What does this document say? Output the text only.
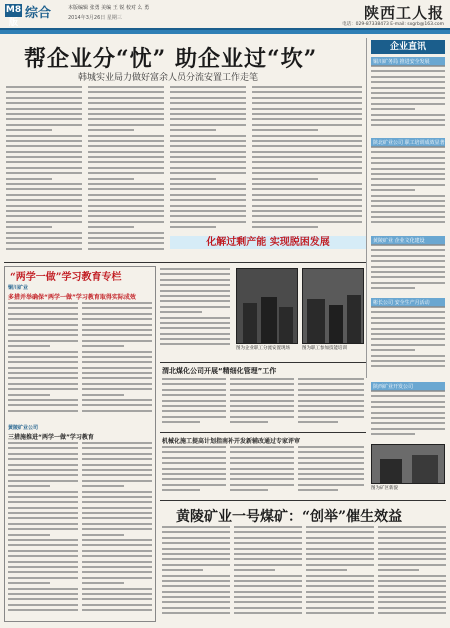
M8版
综合	本版编辑 张勇 美编 王 锐 校对 么 勇
2014年3月26日 星期三	陕西工人报
电话：029-87338473 E-mail: sxgrb@163.com
帮企业分“忧” 助企业过“坎”
韩城实业局力做好富余人员分流安置工作走笔
化解过剩产能 实现脱困发展
企业直讯
铜川矿务局 推进安全发展
陕北矿业公司 职工培训成效显著
黄陵矿业 企业文化建设
彬长公司 安全生产月活动
“两学一做”学习教育专栏
铜川矿业
多措并举确保“两学一做”学习教育取得实际成效
黄陵矿业公司
三措施推进“两学一做”学习教育
图为企业职工分流安置现场	图为职工参加技能培训
渭北煤化公司开展“精细化管理”工作
机械化施工提高计划指南补开发新辅改通过专家评审
黄陵矿业一号煤矿：“创举”催生效益
陕西矿业开发公司
图为矿区新貌
